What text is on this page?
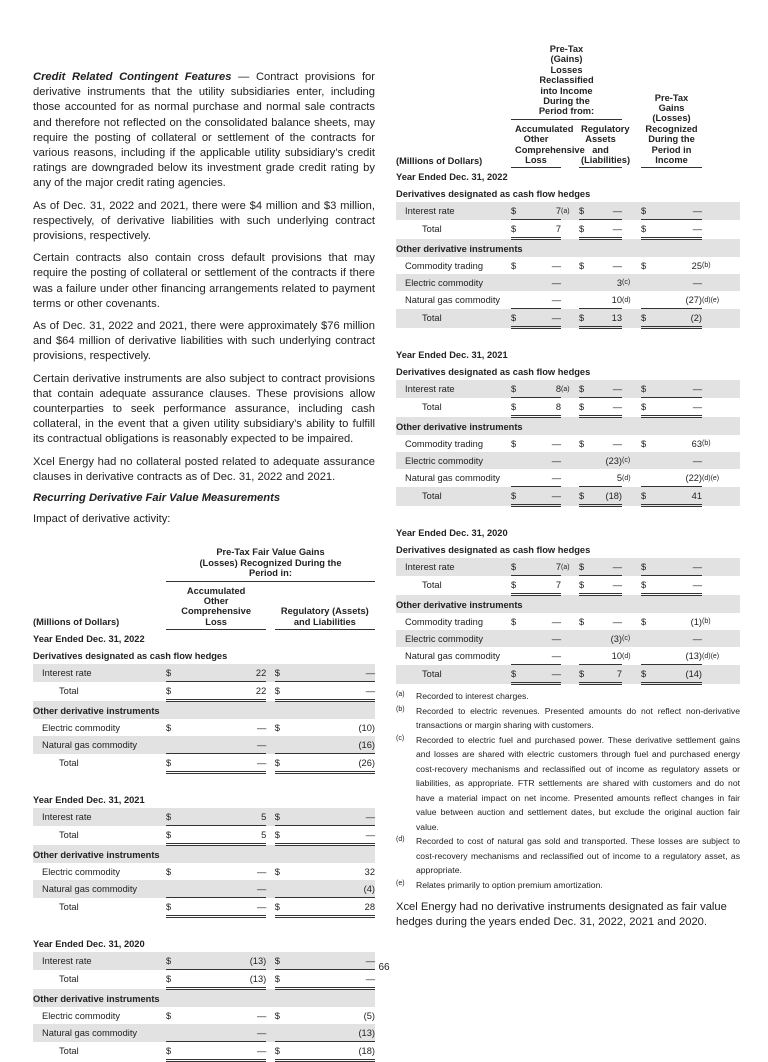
Credit Related Contingent Features — Contract provisions for derivative instruments that the utility subsidiaries enter, including those accounted for as normal purchase and normal sale contracts and therefore not reflected on the consolidated balance sheets, may require the posting of collateral or settlement of the contracts for various reasons, including if the applicable utility subsidiary’s credit ratings are downgraded below its investment grade credit rating by any of the major credit rating agencies.

As of Dec. 31, 2022 and 2021, there were $4 million and $3 million, respectively, of derivative liabilities with such underlying contract provisions, respectively.

Certain contracts also contain cross default provisions that may require the posting of collateral or settlement of the contracts if there was a failure under other financing arrangements related to payment terms or other covenants.

As of Dec. 31, 2022 and 2021, there were approximately $76 million and $64 million of derivative liabilities with such underlying contract provisions, respectively.

Certain derivative instruments are also subject to contract provisions that contain adequate assurance clauses. These provisions allow counterparties to seek performance assurance, including cash collateral, in the event that a given utility subsidiary’s ability to fulfill its contractual obligations is reasonably expected to be impaired.

Xcel Energy had no collateral posted related to adequate assurance clauses in derivative contracts as of Dec. 31, 2022 and 2021.

Recurring Derivative Fair Value Measurements

Impact of derivative activity:

		Pre-Tax Fair Value Gains (Losses) Recognized During the Period in:				
(Millions of Dollars)		Accumulated Other Comprehensive Loss			Regulatory (Assets) and Liabilities	
Year Ended Dec. 31, 2022						
Derivatives designated as cash flow hedges						
Interest rate		$	22		$	—
Total		$	22		$	—
Other derivative instruments						
Electric commodity		$	—		$	(10)
Natural gas commodity			—			(16)
Total		$	—		$	(26)

Year Ended Dec. 31, 2021						
Interest rate		$	5		$	—
Total		$	5		$	—
Other derivative instruments						
Electric commodity		$	—		$	32
Natural gas commodity			—			(4)
Total		$	—		$	28

Year Ended Dec. 31, 2020						
Interest rate		$	(13)		$	—
Total		$	(13)		$	—
Other derivative instruments						
Electric commodity		$	—		$	(5)
Natural gas commodity			—			(13)
Total		$	—		$	(18)
		Pre-Tax (Gains) Losses Reclassified into Income During the Period from:						Pre-Tax Gains (Losses) Recognized During the Period in Income		
(Millions of Dollars)		Accumulated Other Comprehensive Loss			Regulatory Assets and (Liabilities)					
Year Ended Dec. 31, 2022										
Derivatives designated as cash flow hedges										
Interest rate		$	7	(a)	$	—		$	—	
Total		$	7		$	—		$	—	
Other derivative instruments										
Commodity trading		$	—		$	—		$	25	(b)
Electric commodity			—			3	(c)		—	
Natural gas commodity			—			10	(d)		(27)	(d)(e)
Total		$	—		$	13		$	(2)	

Year Ended Dec. 31, 2021										
Derivatives designated as cash flow hedges										
Interest rate		$	8	(a)	$	—		$	—	
Total		$	8		$	—		$	—	
Other derivative instruments										
Commodity trading		$	—		$	—		$	63	(b)
Electric commodity			—			(23)	(c)		—	
Natural gas commodity			—			5	(d)		(22)	(d)(e)
Total		$	—		$	(18)		$	41	

Year Ended Dec. 31, 2020										
Derivatives designated as cash flow hedges										
Interest rate		$	7	(a)	$	—		$	—	
Total		$	7		$	—		$	—	
Other derivative instruments										
Commodity trading		$	—		$	—		$	(1)	(b)
Electric commodity			—			(3)	(c)		—	
Natural gas commodity			—			10	(d)		(13)	(d)(e)
Total		$	—		$	7		$	(14)	
(a)	Recorded to interest charges.
(b)	Recorded to electric revenues. Presented amounts do not reflect non-derivative transactions or margin sharing with customers.
(c)	Recorded to electric fuel and purchased power. These derivative settlement gains and losses are shared with electric customers through fuel and purchased energy cost-recovery mechanisms and reclassified out of income as regulatory assets or liabilities, as appropriate. FTR settlements are shared with customers and do not have a material impact on net income. Presented amounts reflect changes in fair value between auction and settlement dates, but exclude the original auction fair value.
(d)	Recorded to cost of natural gas sold and transported. These losses are subject to cost-recovery mechanisms and reclassified out of income to a regulatory asset, as appropriate.
(e)	Relates primarily to option premium amortization.

Xcel Energy had no derivative instruments designated as fair value hedges during the years ended Dec. 31, 2022, 2021 and 2020.

66
